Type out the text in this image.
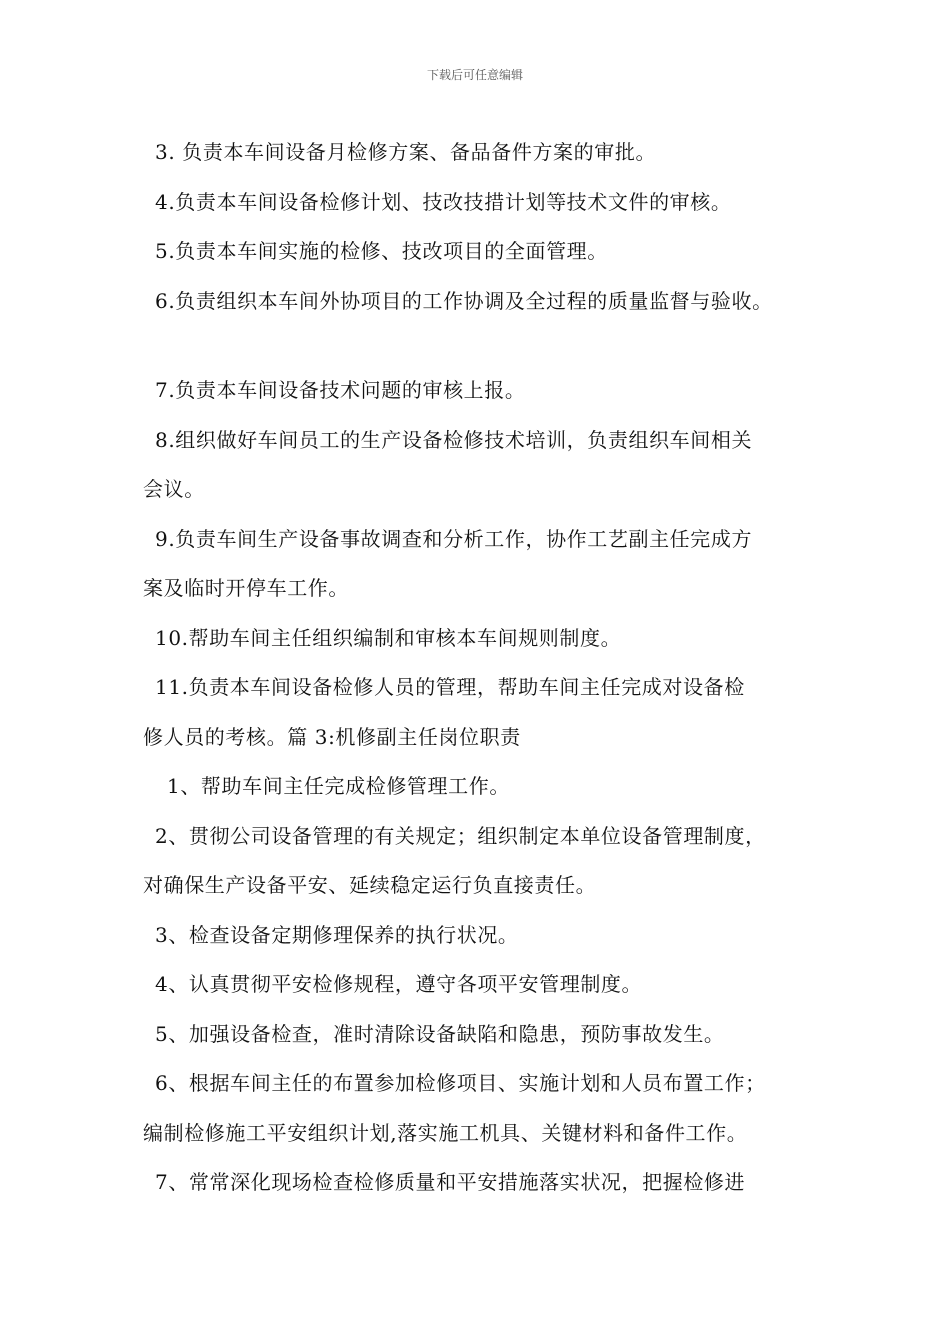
下载后可任意编辑
3. 负责本车间设备月检修方案、备品备件方案的审批。
4.负责本车间设备检修计划、技改技措计划等技术文件的审核。
5.负责本车间实施的检修、技改项目的全面管理。
6.负责组织本车间外协项目的工作协调及全过程的质量监督与验收。
7.负责本车间设备技术问题的审核上报。
8.组织做好车间员工的生产设备检修技术培训，负责组织车间相关
会议。
9.负责车间生产设备事故调查和分析工作，协作工艺副主任完成方
案及临时开停车工作。
10.帮助车间主任组织编制和审核本车间规则制度。
11.负责本车间设备检修人员的管理，帮助车间主任完成对设备检
修人员的考核。篇 3:机修副主任岗位职责
1、帮助车间主任完成检修管理工作。
2、贯彻公司设备管理的有关规定；组织制定本单位设备管理制度，
对确保生产设备平安、延续稳定运行负直接责任。
3、检查设备定期修理保养的执行状况。
4、认真贯彻平安检修规程，遵守各项平安管理制度。
5、加强设备检查，准时清除设备缺陷和隐患，预防事故发生。
6、根据车间主任的布置参加检修项目、实施计划和人员布置工作；
编制检修施工平安组织计划,落实施工机具、关键材料和备件工作。
7、常常深化现场检查检修质量和平安措施落实状况，把握检修进
